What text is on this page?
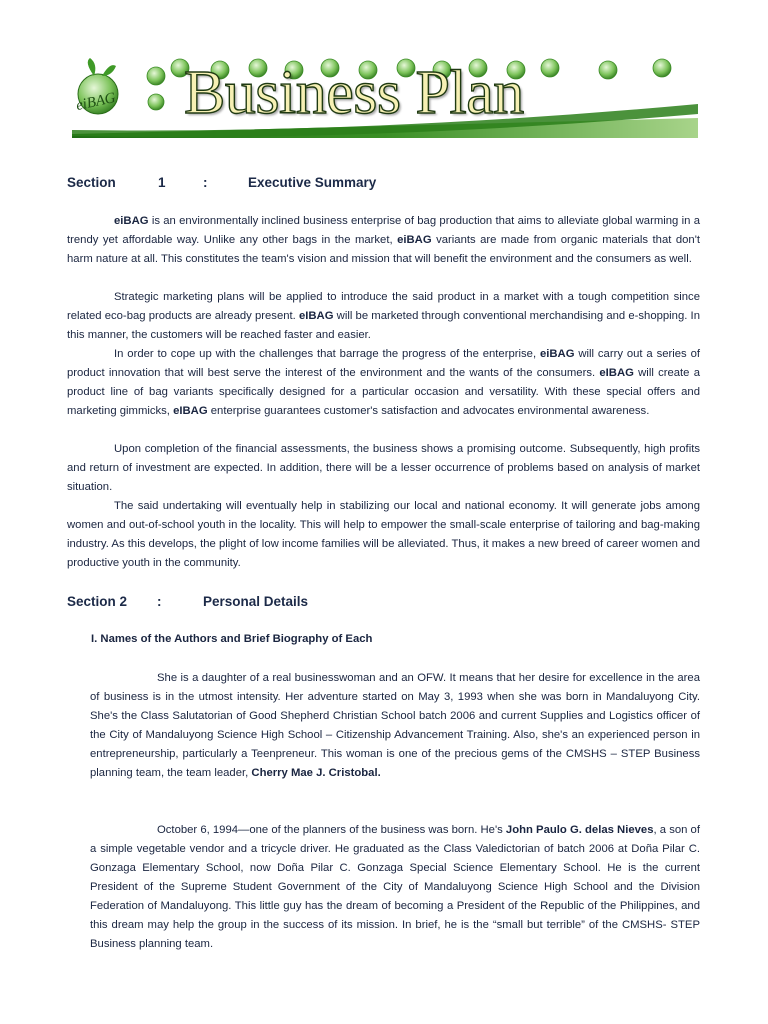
eiBAG Business Plan
Section	1	:	Executive Summary

eiBAG is an environmentally inclined business enterprise of bag production that aims to alleviate global warming in a trendy yet affordable way. Unlike any other bags in the market, eiBAG variants are made from organic materials that don't harm nature at all. This constitutes the team's vision and mission that will benefit the environment and the consumers as well.

Strategic marketing plans will be applied to introduce the said product in a market with a tough competition since related eco-bag products are already present. eIBAG will be marketed through conventional merchandising and e-shopping. In this manner, the customers will be reached faster and easier.

In order to cope up with the challenges that barrage the progress of the enterprise, eiBAG will carry out a series of product innovation that will best serve the interest of the environment and the wants of the consumers. eIBAG will create a product line of bag variants specifically designed for a particular occasion and versatility. With these special offers and marketing gimmicks, eIBAG enterprise guarantees customer's satisfaction and advocates environmental awareness.

Upon completion of the financial assessments, the business shows a promising outcome. Subsequently, high profits and return of investment are expected. In addition, there will be a lesser occurrence of problems based on analysis of market situation.

The said undertaking will eventually help in stabilizing our local and national economy. It will generate jobs among women and out-of-school youth in the locality. This will help to empower the small-scale enterprise of tailoring and bag-making industry. As this develops, the plight of low income families will be alleviated. Thus, it makes a new breed of career women and productive youth in the community.

Section 2 :	Personal Details
I. Names of the Authors and Brief Biography of Each

She is a daughter of a real businesswoman and an OFW. It means that her desire for excellence in the area of business is in the utmost intensity. Her adventure started on May 3, 1993 when she was born in Mandaluyong City. She's the Class Salutatorian of Good Shepherd Christian School batch 2006 and current Supplies and Logistics officer of the City of Mandaluyong Science High School – Citizenship Advancement Training. Also, she's an experienced person in entrepreneurship, particularly a Teenpreneur. This woman is one of the precious gems of the CMSHS – STEP Business planning team, the team leader, Cherry Mae J. Cristobal.

October 6, 1994—one of the planners of the business was born. He's John Paulo G. delas Nieves, a son of a simple vegetable vendor and a tricycle driver. He graduated as the Class Valedictorian of batch 2006 at Doña Pilar C. Gonzaga Elementary School, now Doña Pilar C. Gonzaga Special Science Elementary School. He is the current President of the Supreme Student Government of the City of Mandaluyong Science High School and the Division Federation of Mandaluyong. This little guy has the dream of becoming a President of the Republic of the Philippines, and this dream may help the group in the success of its mission. In brief, he is the “small but terrible” of the CMSHS- STEP Business planning team.
